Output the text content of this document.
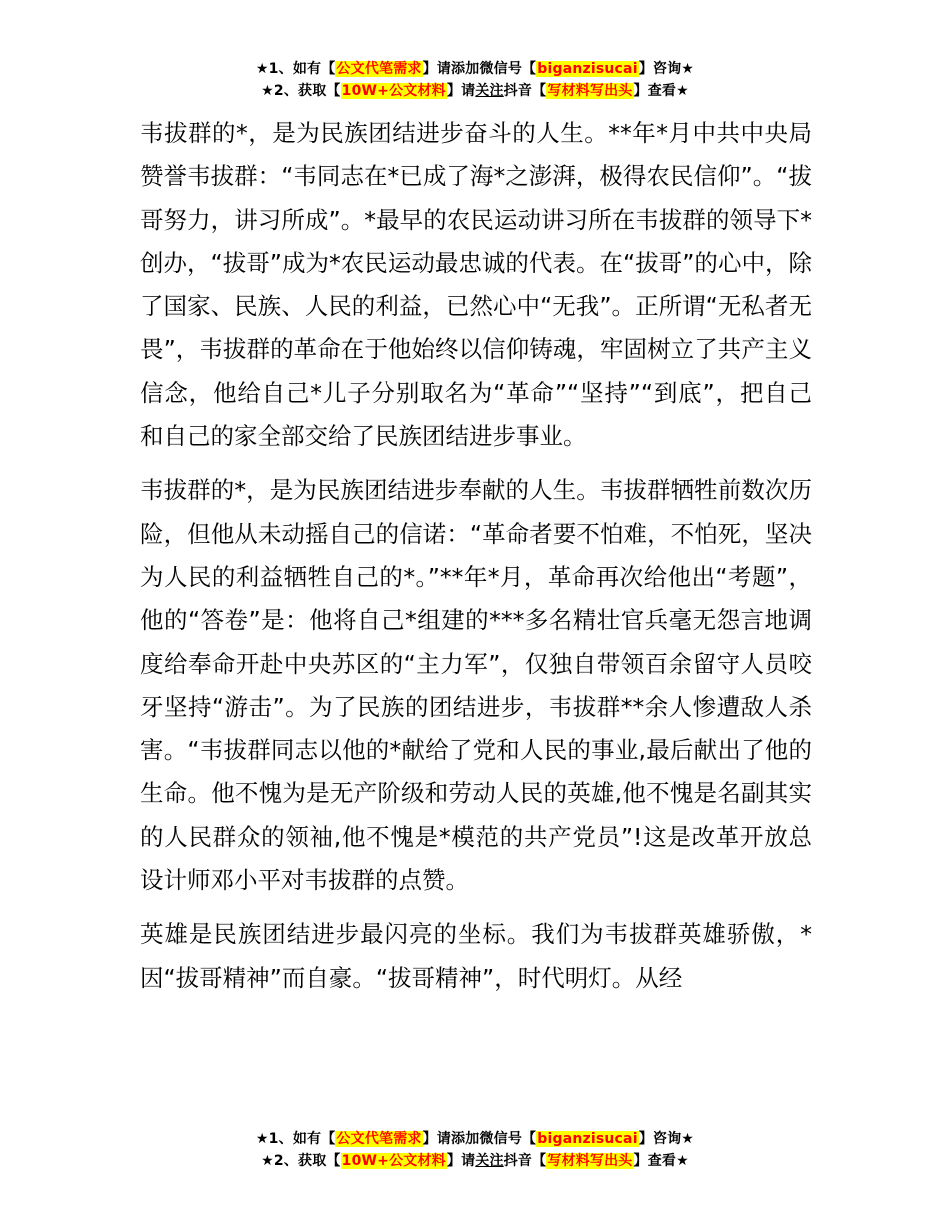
★1、如有【公文代笔需求】请添加微信号【biganzisucai】咨询★
★2、获取【10W+公文材料】请关注抖音【写材料写出头】查看★

韦拔群的*，是为民族团结进步奋斗的人生。**年*月中共中央局赞誉韦拔群：“韦同志在*已成了海*之澎湃，极得农民信仰”。“拔哥努力，讲习所成”。*最早的农民运动讲习所在韦拔群的领导下*创办，“拔哥”成为*农民运动最忠诚的代表。在“拔哥”的心中，除了国家、民族、人民的利益，已然心中“无我”。正所谓“无私者无畏”，韦拔群的革命在于他始终以信仰铸魂，牢固树立了共产主义信念，他给自己*儿子分别取名为“革命”“坚持”“到底”，把自己和自己的家全部交给了民族团结进步事业。

韦拔群的*，是为民族团结进步奉献的人生。韦拔群牺牲前数次历险，但他从未动摇自己的信诺：“革命者要不怕难，不怕死，坚决为人民的利益牺牲自己的*。”**年*月，革命再次给他出“考题”，他的“答卷”是：他将自己*组建的***多名精壮官兵毫无怨言地调度给奉命开赴中央苏区的“主力军”，仅独自带领百余留守人员咬牙坚持“游击”。为了民族的团结进步，韦拔群**余人惨遭敌人杀害。“韦拔群同志以他的*献给了党和人民的事业,最后献出了他的生命。他不愧为是无产阶级和劳动人民的英雄,他不愧是名副其实的人民群众的领袖,他不愧是*模范的共产党员”!这是改革开放总设计师邓小平对韦拔群的点赞。

英雄是民族团结进步最闪亮的坐标。我们为韦拔群英雄骄傲，*因“拔哥精神”而自豪。“拔哥精神”，时代明灯。从经

★1、如有【公文代笔需求】请添加微信号【biganzisucai】咨询★
★2、获取【10W+公文材料】请关注抖音【写材料写出头】查看★
